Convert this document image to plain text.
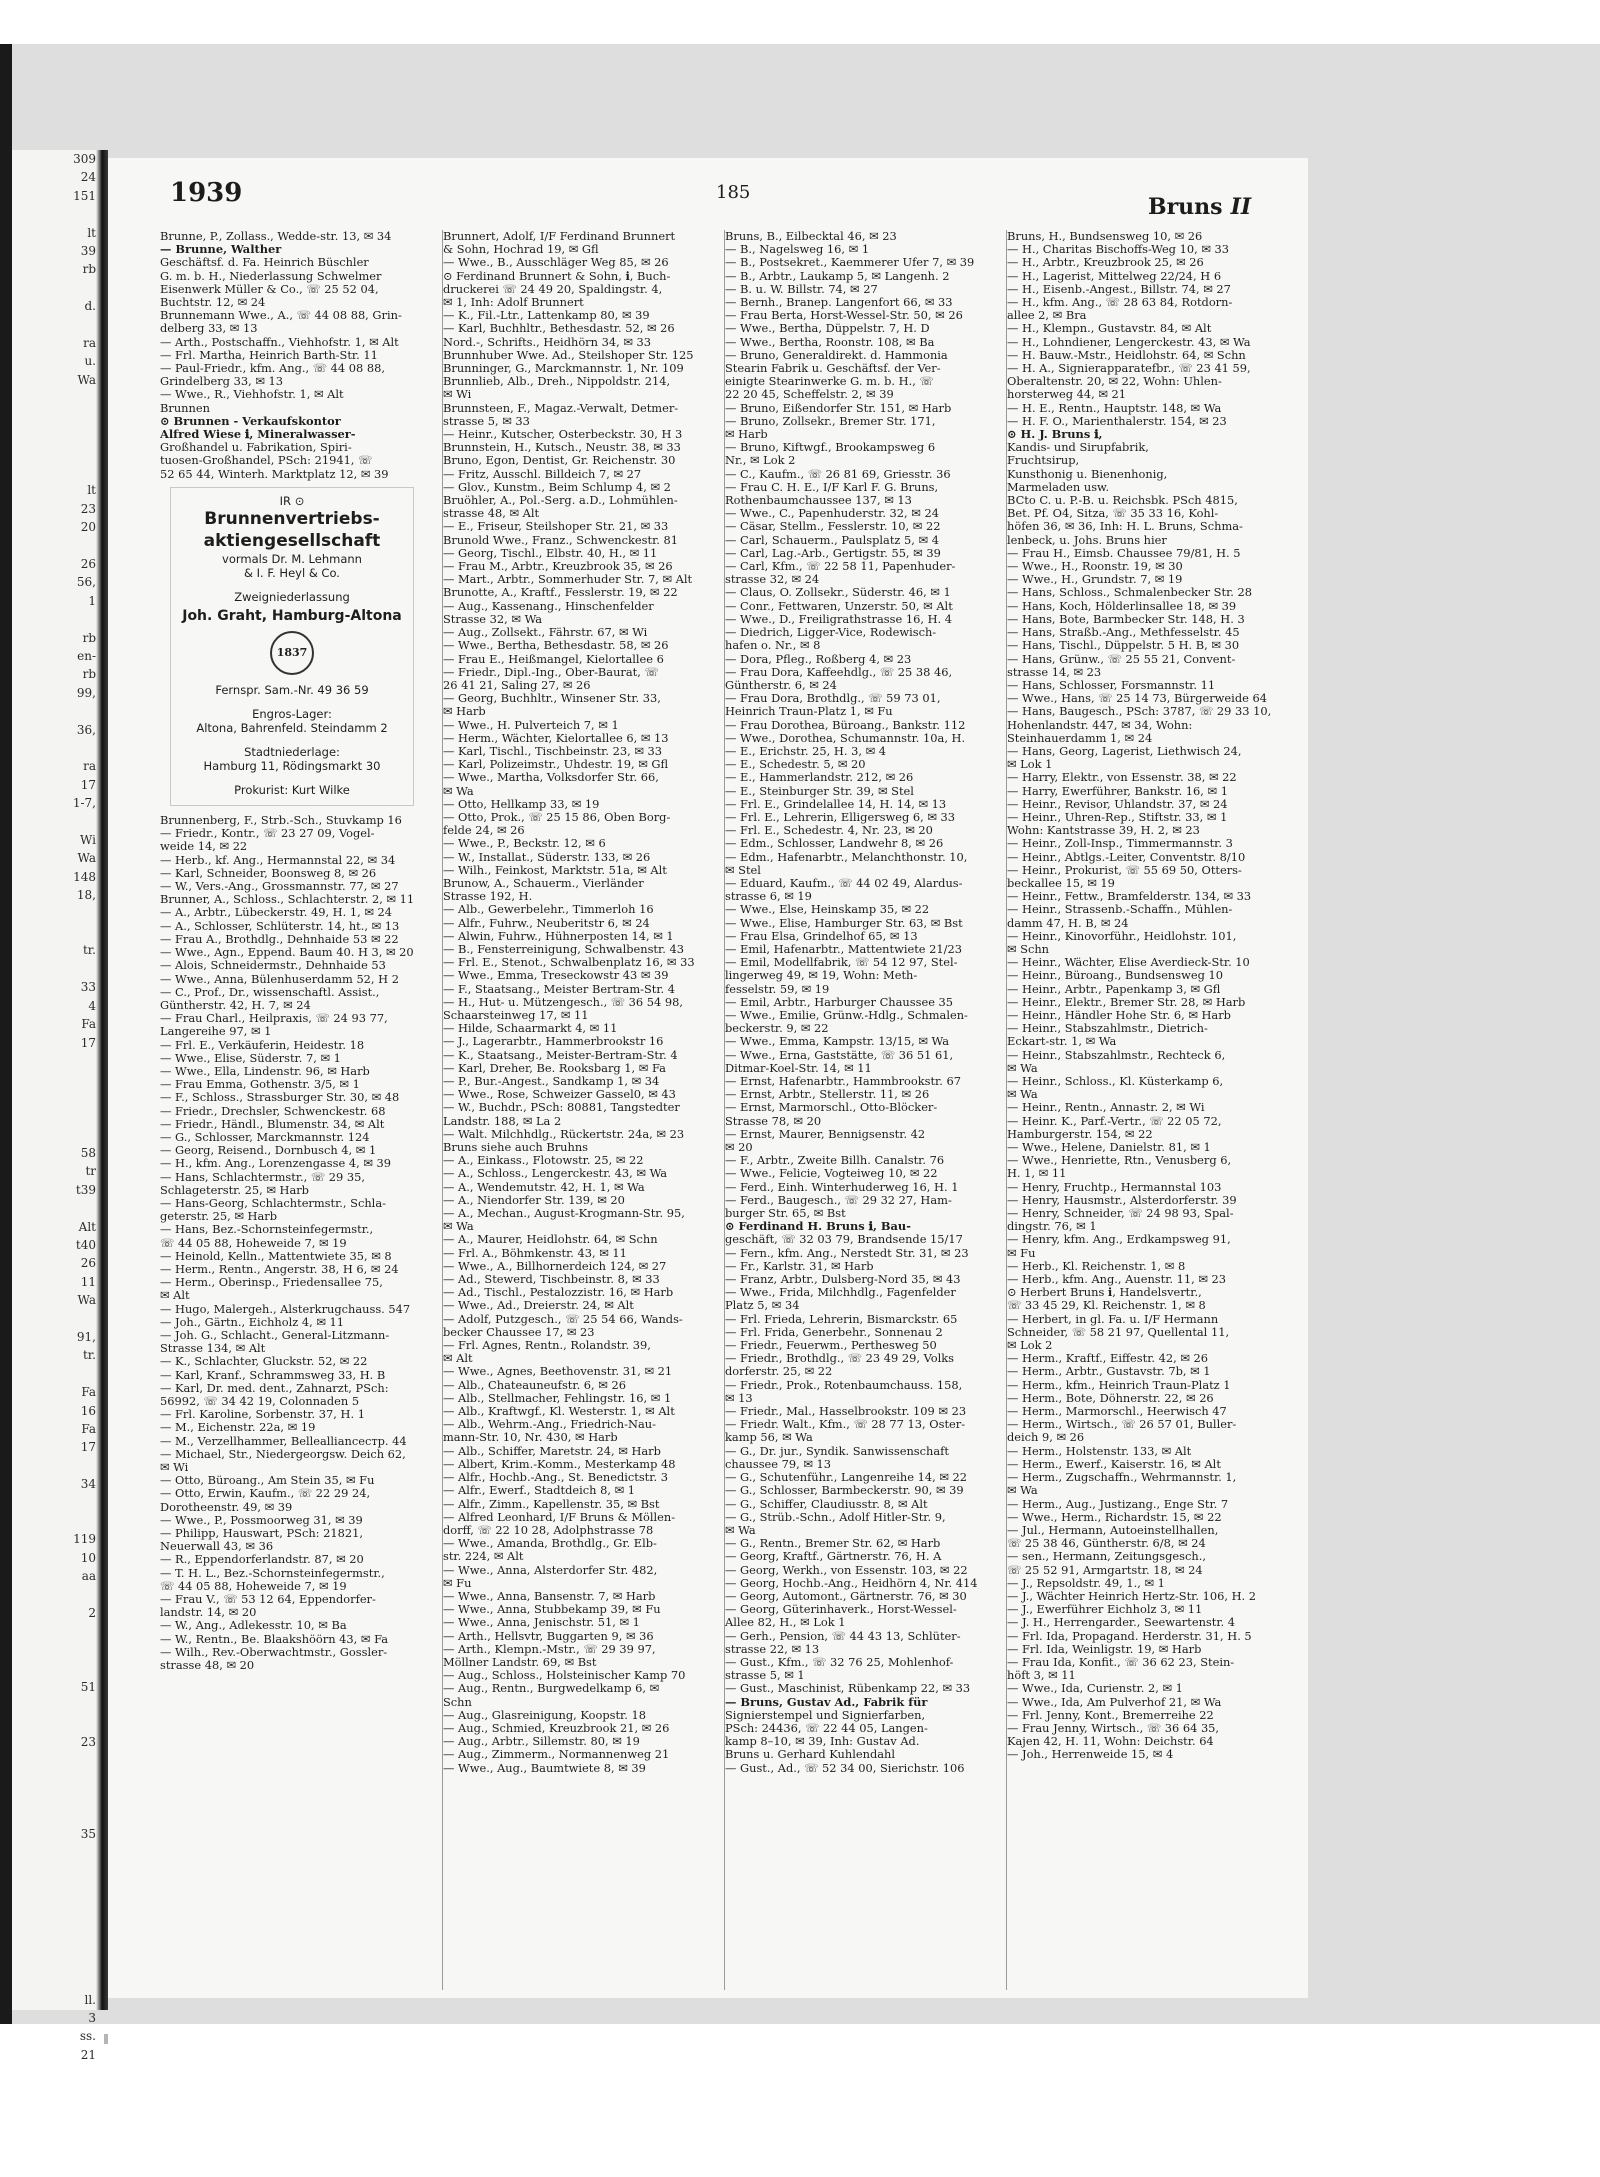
309
24
151

lt
39
rb

d.

ra
u.
Wa

lt
23
20

26
56,
1

rb
en-
rb
99,

36,

ra
17
1-7,

Wi
Wa
148
18,

tr.

33
4
Fa
17

58
tr
t39

Alt
t40
26
11
Wa

91,
tr.

Fa
16
Fa
17

34

119
10
aa

2

51

23

35

ll.
3
ss.
21
1939	185
Bruns II
Brunne, P., Zollass., Wedde-str. 13, ✉ 34
— Brunne, Walther
Geschäftsf. d. Fa. Heinrich Büschler
G. m. b. H., Niederlassung Schwelmer
Eisenwerk Müller & Co., ☏ 25 52 04,
Buchtstr. 12, ✉ 24
Brunnemann Wwe., A., ☏ 44 08 88, Grin-
delberg 33, ✉ 13
— Arth., Postschaffn., Viehhofstr. 1, ✉ Alt
— Frl. Martha, Heinrich Barth-Str. 11
— Paul-Friedr., kfm. Ang., ☏ 44 08 88,
Grindelberg 33, ✉ 13
— Wwe., R., Viehhofstr. 1, ✉ Alt
Brunnen
⊙ Brunnen - Verkaufskontor
Alfred Wiese ℹ, Mineralwasser-
Großhandel u. Fabrikation, Spiri-
tuosen-Großhandel, PSch: 21941, ☏
52 65 44, Winterh. Marktplatz 12, ✉ 39
IR ⊙
Brunnenvertriebs-
aktiengesellschaft
vormals Dr. M. Lehmann
& I. F. Heyl & Co.
Zweigniederlassung
Joh. Graht, Hamburg-Altona
1837
Fernspr. Sam.-Nr. 49 36 59
Engros-Lager:
Altona, Bahrenfeld. Steindamm 2
Stadtniederlage:
Hamburg 11, Rödingsmarkt 30
Prokurist: Kurt Wilke
Brunnenberg, F., Strb.-Sch., Stuvkamp 16
— Friedr., Kontr., ☏ 23 27 09, Vogel-
weide 14, ✉ 22
— Herb., kf. Ang., Hermannstal 22, ✉ 34
— Karl, Schneider, Boonsweg 8, ✉ 26
— W., Vers.-Ang., Grossmannstr. 77, ✉ 27
Brunner, A., Schloss., Schlachterstr. 2, ✉ 11
— A., Arbtr., Lübeckerstr. 49, H. 1, ✉ 24
— A., Schlosser, Schlüterstr. 14, ht., ✉ 13
— Frau A., Brothdlg., Dehnhaide 53 ✉ 22
— Wwe., Agn., Eppend. Baum 40. H 3, ✉ 20
— Alois, Schneidermstr., Dehnhaide 53
— Wwe., Anna, Bülenhuserdamm 52, H 2
— C., Prof., Dr., wissenschaftl. Assist.,
Güntherstr. 42, H. 7, ✉ 24
— Frau Charl., Heilpraxis, ☏ 24 93 77,
Langereihe 97, ✉ 1
— Frl. E., Verkäuferin, Heidestr. 18
— Wwe., Elise, Süderstr. 7, ✉ 1
— Wwe., Ella, Lindenstr. 96, ✉ Harb
— Frau Emma, Gothenstr. 3/5, ✉ 1
— F., Schloss., Strassburger Str. 30, ✉ 48
— Friedr., Drechsler, Schwenckestr. 68
— Friedr., Händl., Blumenstr. 34, ✉ Alt
— G., Schlosser, Marckmannstr. 124
— Georg, Reisend., Dornbusch 4, ✉ 1
— H., kfm. Ang., Lorenzengasse 4, ✉ 39
— Hans, Schlachtermstr., ☏ 29 35,
Schlageterstr. 25, ✉ Harb
— Hans-Georg, Schlachtermstr., Schla-
geterstr. 25, ✉ Harb
— Hans, Bez.-Schornsteinfegermstr.,
☏ 44 05 88, Hoheweide 7, ✉ 19
— Heinold, Kelln., Mattentwiete 35, ✉ 8
— Herm., Rentn., Angerstr. 38, H 6, ✉ 24
— Herm., Oberinsp., Friedensallee 75,
✉ Alt
— Hugo, Malergeh., Alsterkrugchauss. 547
— Joh., Gärtn., Eichholz 4, ✉ 11
— Joh. G., Schlacht., General-Litzmann-
Strasse 134, ✉ Alt
— K., Schlachter, Gluckstr. 52, ✉ 22
— Karl, Kranf., Schrammsweg 33, H. B
— Karl, Dr. med. dent., Zahnarzt, PSch:
56992, ☏ 34 42 19, Colonnaden 5
— Frl. Karoline, Sorbenstr. 37, H. 1
— M., Eichenstr. 22a, ✉ 19
— M., Verzellhammer, Belleallianceстр. 44
— Michael, Str., Niedergeorgsw. Deich 62,
✉ Wi
— Otto, Büroang., Am Stein 35, ✉ Fu
— Otto, Erwin, Kaufm., ☏ 22 29 24,
Dorotheenstr. 49, ✉ 39
— Wwe., P., Possmoorweg 31, ✉ 39
— Philipp, Hauswart, PSch: 21821,
Neuerwall 43, ✉ 36
— R., Eppendorferlandstr. 87, ✉ 20
— T. H. L., Bez.-Schornsteinfegermstr.,
☏ 44 05 88, Hoheweide 7, ✉ 19
— Frau V., ☏ 53 12 64, Eppendorfer-
landstr. 14, ✉ 20
— W., Ang., Adlekesstr. 10, ✉ Ba
— W., Rentn., Be. Blaakshöörn 43, ✉ Fa
— Wilh., Rev.-Oberwachtmstr., Gossler-
strasse 48, ✉ 20
Brunnert, Adolf, I/F Ferdinand Brunnert
& Sohn, Hochrad 19, ✉ Gfl
— Wwe., B., Ausschläger Weg 85, ✉ 26
⊙ Ferdinand Brunnert & Sohn, ℹ, Buch-
druckerei ☏ 24 49 20, Spaldingstr. 4,
✉ 1, Inh: Adolf Brunnert
— K., Fil.-Ltr., Lattenkamp 80, ✉ 39
— Karl, Buchhltr., Bethesdastr. 52, ✉ 26
Nord.-, Schrifts., Heidhörn 34, ✉ 33
Brunnhuber Wwe. Ad., Steilshoper Str. 125
Brunninger, G., Marckmannstr. 1, Nr. 109
Brunnlieb, Alb., Dreh., Nippoldstr. 214,
✉ Wi
Brunnsteen, F., Magaz.-Verwalt, Detmer-
strasse 5, ✉ 33
— Heinr., Kutscher, Osterbeckstr. 30, H 3
Brunnstein, H., Kutsch., Neustr. 38, ✉ 33
Bruno, Egon, Dentist, Gr. Reichenstr. 30
— Fritz, Ausschl. Billdeich 7, ✉ 27
— Glov., Kunstm., Beim Schlump 4, ✉ 2
Bruöhler, A., Pol.-Serg. a.D., Lohmühlen-
strasse 48, ✉ Alt
— E., Friseur, Steilshoper Str. 21, ✉ 33
Brunold Wwe., Franz., Schwenckestr. 81
— Georg, Tischl., Elbstr. 40, H., ✉ 11
— Frau M., Arbtr., Kreuzbrook 35, ✉ 26
— Mart., Arbtr., Sommerhuder Str. 7, ✉ Alt
Brunotte, A., Kraftf., Fesslerstr. 19, ✉ 22
— Aug., Kassenang., Hinschenfelder
Strasse 32, ✉ Wa
— Aug., Zollsekt., Fährstr. 67, ✉ Wi
— Wwe., Bertha, Bethesdastr. 58, ✉ 26
— Frau E., Heißmangel, Kielortallee 6
— Friedr., Dipl.-Ing., Ober-Baurat, ☏
26 41 21, Saling 27, ✉ 26
— Georg, Buchhltr., Winsener Str. 33,
✉ Harb
— Wwe., H. Pulverteich 7, ✉ 1
— Herm., Wächter, Kielortallee 6, ✉ 13
— Karl, Tischl., Tischbeinstr. 23, ✉ 33
— Karl, Polizeimstr., Uhdestr. 19, ✉ Gfl
— Wwe., Martha, Volksdorfer Str. 66,
✉ Wa
— Otto, Hellkamp 33, ✉ 19
— Otto, Prok., ☏ 25 15 86, Oben Borg-
felde 24, ✉ 26
— Wwe., P., Beckstr. 12, ✉ 6
— W., Installat., Süderstr. 133, ✉ 26
— Wilh., Feinkost, Marktstr. 51a, ✉ Alt
Brunow, A., Schauerm., Vierländer
Strasse 192, H.
— Alb., Gewerbelehr., Timmerloh 16
— Alfr., Fuhrw., Neuberitstr 6, ✉ 24
— Alwin, Fuhrw., Hühnerposten 14, ✉ 1
— B., Fensterreinigung, Schwalbenstr. 43
— Frl. E., Stenot., Schwalbenplatz 16, ✉ 33
— Wwe., Emma, Treseckowstr 43 ✉ 39
— F., Staatsang., Meister Bertram-Str. 4
— H., Hut- u. Mützengesch., ☏ 36 54 98,
Schaarsteinweg 17, ✉ 11
— Hilde, Schaarmarkt 4, ✉ 11
— J., Lagerarbtr., Hammerbrookstr 16
— K., Staatsang., Meister-Bertram-Str. 4
— Karl, Dreher, Be. Rooksbarg 1, ✉ Fa
— P., Bur.-Angest., Sandkamp 1, ✉ 34
— Wwe., Rose, Schweizer Gassel0, ✉ 43
— W., Buchdr., PSch: 80881, Tangstedter
Landstr. 188, ✉ La 2
— Walt. Milchhdlg., Rückertstr. 24a, ✉ 23
Bruns siehe auch Bruhns
— A., Einkass., Flotowstr. 25, ✉ 22
— A., Schloss., Lengerckestr. 43, ✉ Wa
— A., Wendemutstr. 42, H. 1, ✉ Wa
— A., Niendorfer Str. 139, ✉ 20
— A., Mechan., August-Krogmann-Str. 95,
✉ Wa
— A., Maurer, Heidlohstr. 64, ✉ Schn
— Frl. A., Böhmkenstr. 43, ✉ 11
— Wwe., A., Billhornerdeich 124, ✉ 27
— Ad., Stewerd, Tischbeinstr. 8, ✉ 33
— Ad., Tischl., Pestalozzistr. 16, ✉ Harb
— Wwe., Ad., Dreierstr. 24, ✉ Alt
— Adolf, Putzgesch., ☏ 25 54 66, Wands-
becker Chaussee 17, ✉ 23
— Frl. Agnes, Rentn., Rolandstr. 39,
✉ Alt
— Wwe., Agnes, Beethovenstr. 31, ✉ 21
— Alb., Chateauneufstr. 6, ✉ 26
— Alb., Stellmacher, Fehlingstr. 16, ✉ 1
— Alb., Kraftwgf., Kl. Westerstr. 1, ✉ Alt
— Alb., Wehrm.-Ang., Friedrich-Nau-
mann-Str. 10, Nr. 430, ✉ Harb
— Alb., Schiffer, Maretstr. 24, ✉ Harb
— Albert, Krim.-Komm., Mesterkamp 48
— Alfr., Hochb.-Ang., St. Benedictstr. 3
— Alfr., Ewerf., Stadtdeich 8, ✉ 1
— Alfr., Zimm., Kapellenstr. 35, ✉ Bst
— Alfred Leonhard, I/F Bruns & Möllen-
dorff, ☏ 22 10 28, Adolphstrasse 78
— Wwe., Amanda, Brothdlg., Gr. Elb-
str. 224, ✉ Alt
— Wwe., Anna, Alsterdorfer Str. 482,
✉ Fu
— Wwe., Anna, Bansenstr. 7, ✉ Harb
— Wwe., Anna, Stubbekamp 39, ✉ Fu
— Wwe., Anna, Jenischstr. 51, ✉ 1
— Arth., Hellsvtr, Buggarten 9, ✉ 36
— Arth., Klempn.-Mstr., ☏ 29 39 97,
Möllner Landstr. 69, ✉ Bst
— Aug., Schloss., Holsteinischer Kamp 70
— Aug., Rentn., Burgwedelkamp 6, ✉
Schn
— Aug., Glasreinigung, Koopstr. 18
— Aug., Schmied, Kreuzbrook 21, ✉ 26
— Aug., Arbtr., Sillemstr. 80, ✉ 19
— Aug., Zimmerm., Normannenweg 21
— Wwe., Aug., Baumtwiete 8, ✉ 39
Bruns, B., Eilbecktal 46, ✉ 23
— B., Nagelsweg 16, ✉ 1
— B., Postsekret., Kaemmerer Ufer 7, ✉ 39
— B., Arbtr., Laukamp 5, ✉ Langenh. 2
— B. u. W. Billstr. 74, ✉ 27
— Bernh., Branер. Langenfort 66, ✉ 33
— Frau Berta, Horst-Wessel-Str. 50, ✉ 26
— Wwe., Bertha, Düppelstr. 7, H. D
— Wwe., Bertha, Roonstr. 108, ✉ Ba
— Bruno, Generaldirekt. d. Hammonia
Stearin Fabrik u. Geschäftsf. der Ver-
einigte Stearinwerke G. m. b. H., ☏
22 20 45, Scheffelstr. 2, ✉ 39
— Bruno, Eißendorfer Str. 151, ✉ Harb
— Bruno, Zollsekr., Bremer Str. 171,
✉ Harb
— Bruno, Kiftwgf., Brookampsweg 6
Nr., ✉ Lok 2
— C., Kaufm., ☏ 26 81 69, Griesstr. 36
— Frau C. H. E., I/F Karl F. G. Bruns,
Rothenbaumchaussee 137, ✉ 13
— Wwe., C., Papenhuderstr. 32, ✉ 24
— Cäsar, Stellm., Fesslerstr. 10, ✉ 22
— Carl, Schauerm., Paulsplatz 5, ✉ 4
— Carl, Lag.-Arb., Gertigstr. 55, ✉ 39
— Carl, Kfm., ☏ 22 58 11, Papenhuder-
strasse 32, ✉ 24
— Claus, O. Zollsekr., Süderstr. 46, ✉ 1
— Conr., Fettwaren, Unzerstr. 50, ✉ Alt
— Wwe., D., Freiligrathstrasse 16, H. 4
— Diedrich, Ligger-Vice, Rodewisch-
hafen o. Nr., ✉ 8
— Dora, Pfleg., Roßberg 4, ✉ 23
— Frau Dora, Kaffeehdlg., ☏ 25 38 46,
Güntherstr. 6, ✉ 24
— Frau Dora, Brothdlg., ☏ 59 73 01,
Heinrich Traun-Platz 1, ✉ Fu
— Frau Dorothea, Büroang., Bankstr. 112
— Wwe., Dorothea, Schumannstr. 10a, H.
— E., Erichstr. 25, H. 3, ✉ 4
— E., Schedestr. 5, ✉ 20
— E., Hammerlandstr. 212, ✉ 26
— E., Steinburger Str. 39, ✉ Stel
— Frl. E., Grindelallee 14, H. 14, ✉ 13
— Frl. E., Lehrerin, Elligersweg 6, ✉ 33
— Frl. E., Schedestr. 4, Nr. 23, ✉ 20
— Edm., Schlosser, Landwehr 8, ✉ 26
— Edm., Hafenarbtr., Melanchthonstr. 10,
✉ Stel
— Eduard, Kaufm., ☏ 44 02 49, Alardus-
strasse 6, ✉ 19
— Wwe., Else, Heinskamp 35, ✉ 22
— Wwe., Elise, Hamburger Str. 63, ✉ Bst
— Frau Elsa, Grindelhof 65, ✉ 13
— Emil, Hafenarbtr., Mattentwiete 21/23
— Emil, Modellfabrik, ☏ 54 12 97, Stel-
lingerweg 49, ✉ 19, Wohn: Meth-
fesselstr. 59, ✉ 19
— Emil, Arbtr., Harburger Chaussee 35
— Wwe., Emilie, Grünw.-Hdlg., Schmalen-
beckerstr. 9, ✉ 22
— Wwe., Emma, Kampstr. 13/15, ✉ Wa
— Wwe., Erna, Gaststätte, ☏ 36 51 61,
Ditmar-Koel-Str. 14, ✉ 11
— Ernst, Hafenarbtr., Hammbrookstr. 67
— Ernst, Arbtr., Stellerstr. 11, ✉ 26
— Ernst, Marmorschl., Otto-Blöcker-
Strasse 78, ✉ 20
— Ernst, Maurer, Bennigsenstr. 42
✉ 20
— F., Arbtr., Zweite Billh. Canalstr. 76
— Wwe., Felicie, Vogteiweg 10, ✉ 22
— Ferd., Einh. Winterhuderweg 16, H. 1
— Ferd., Baugesch., ☏ 29 32 27, Ham-
burger Str. 65, ✉ Bst
⊙ Ferdinand H. Bruns ℹ, Bau-
geschäft, ☏ 32 03 79, Brandsende 15/17
— Fern., kfm. Ang., Nerstedt Str. 31, ✉ 23
— Fr., Karlstr. 31, ✉ Harb
— Franz, Arbtr., Dulsberg-Nord 35, ✉ 43
— Wwe., Frida, Milchhdlg., Fagenfelder
Platz 5, ✉ 34
— Frl. Frieda, Lehrerin, Bismarckstr. 65
— Frl. Frida, Generbehr., Sonnenau 2
— Friedr., Feuerwm., Perthesweg 50
— Friedr., Brothdlg., ☏ 23 49 29, Volks
dorferstr. 25, ✉ 22
— Friedr., Prok., Rotenbaumchauss. 158,
✉ 13
— Friedr., Mal., Hasselbrookstr. 109 ✉ 23
— Friedr. Walt., Kfm., ☏ 28 77 13, Oster-
kamp 56, ✉ Wa
— G., Dr. jur., Syndik. Sanwissenschaft
chaussee 79, ✉ 13
— G., Schutenführ., Langenreihe 14, ✉ 22
— G., Schlosser, Barmbeckerstr. 90, ✉ 39
— G., Schiffer, Claudiusstr. 8, ✉ Alt
— G., Strüb.-Schn., Adolf Hitler-Str. 9,
✉ Wa
— G., Rentn., Bremer Str. 62, ✉ Harb
— Georg, Kraftf., Gärtnerstr. 76, H. A
— Georg, Werkh., von Essenstr. 103, ✉ 22
— Georg, Hochb.-Ang., Heidhörn 4, Nr. 414
— Georg, Automont., Gärtnerstr. 76, ✉ 30
— Georg, Güterinhaverk., Horst-Wessel-
Allee 82, H., ✉ Lok 1
— Gerh., Pension, ☏ 44 43 13, Schlüter-
strasse 22, ✉ 13
— Gust., Kfm., ☏ 32 76 25, Mohlenhof-
strasse 5, ✉ 1
— Gust., Maschinist, Rübenkamp 22, ✉ 33
— Bruns, Gustav Ad., Fabrik für
Signierstempel und Signierfarben,
PSch: 24436, ☏ 22 44 05, Langen-
kamp 8–10, ✉ 39, Inh: Gustav Ad.
Bruns u. Gerhard Kuhlendahl
— Gust., Ad., ☏ 52 34 00, Sierichstr. 106
Bruns, H., Bundsensweg 10, ✉ 26
— H., Charitas Bischoffs-Weg 10, ✉ 33
— H., Arbtr., Kreuzbrook 25, ✉ 26
— H., Lagerist, Mittelweg 22/24, H 6
— H., Eisenb.-Angest., Billstr. 74, ✉ 27
— H., kfm. Ang., ☏ 28 63 84, Rotdorn-
allee 2, ✉ Bra
— H., Klempn., Gustavstr. 84, ✉ Alt
— H., Lohndiener, Lengerckestr. 43, ✉ Wa
— H. Bauw.-Mstr., Heidlohstr. 64, ✉ Schn
— H. A., Signierapparatefbr., ☏ 23 41 59,
Oberaltenstr. 20, ✉ 22, Wohn: Uhlen-
horsterweg 44, ✉ 21
— H. E., Rentn., Hauptstr. 148, ✉ Wa
— H. F. O., Marienthalerstr. 154, ✉ 23
⊙ H. J. Bruns ℹ,
Kandis- und Sirupfabrik,
Fruchtsirup,
Kunsthonig u. Bienenhonig,
Marmeladen usw.
BCto C. u. P.-B. u. Reichsbk. PSch 4815,
Bet. Pf. O4, Sitza, ☏ 35 33 16, Kohl-
höfen 36, ✉ 36, Inh: H. L. Bruns, Schma-
lenbeck, u. Johs. Bruns hier
— Frau H., Eimsb. Chaussee 79/81, H. 5
— Wwe., H., Roonstr. 19, ✉ 30
— Wwe., H., Grundstr. 7, ✉ 19
— Hans, Schloss., Schmalenbecker Str. 28
— Hans, Koch, Hölderlinsallee 18, ✉ 39
— Hans, Bote, Barmbecker Str. 148, H. 3
— Hans, Straßb.-Ang., Methfesselstr. 45
— Hans, Tischl., Düppelstr. 5 H. B, ✉ 30
— Hans, Grünw., ☏ 25 55 21, Convent-
strasse 14, ✉ 23
— Hans, Schlosser, Forsmannstr. 11
— Wwe., Hans, ☏ 25 14 73, Bürgerweide 64
— Hans, Baugesch., PSch: 3787, ☏ 29 33 10,
Hohenlandstr. 447, ✉ 34, Wohn:
Steinhauerdamm 1, ✉ 24
— Hans, Georg, Lagerist, Liethwisch 24,
✉ Lok 1
— Harry, Elektr., von Essenstr. 38, ✉ 22
— Harry, Ewerführer, Bankstr. 16, ✉ 1
— Heinr., Revisor, Uhlandstr. 37, ✉ 24
— Heinr., Uhren-Rep., Stiftstr. 33, ✉ 1
Wohn: Kantstrasse 39, H. 2, ✉ 23
— Heinr., Zoll-Insp., Timmermannstr. 3
— Heinr., Abtlgs.-Leiter, Conventstr. 8/10
— Heinr., Prokurist, ☏ 55 69 50, Otters-
beckallee 15, ✉ 19
— Heinr., Fettw., Bramfelderstr. 134, ✉ 33
— Heinr., Strassenb.-Schaffn., Mühlen-
damm 47, H. B, ✉ 24
— Heinr., Kinovorführ., Heidlohstr. 101,
✉ Schn
— Heinr., Wächter, Elise Averdieck-Str. 10
— Heinr., Büroang., Bundsensweg 10
— Heinr., Arbtr., Papenkamp 3, ✉ Gfl
— Heinr., Elektr., Bremer Str. 28, ✉ Harb
— Heinr., Händler Hohe Str. 6, ✉ Harb
— Heinr., Stabszahlmstr., Dietrich-
Eckart-str. 1, ✉ Wa
— Heinr., Stabszahlmstr., Rechteck 6,
✉ Wa
— Heinr., Schloss., Kl. Küsterkamp 6,
✉ Wa
— Heinr., Rentn., Annastr. 2, ✉ Wi
— Heinr. K., Parf.-Vertr., ☏ 22 05 72,
Hamburgerstr. 154, ✉ 22
— Wwe., Helene, Danielstr. 81, ✉ 1
— Wwe., Henriette, Rtn., Venusberg 6,
H. 1, ✉ 11
— Henry, Fruchtp., Hermannstal 103
— Henry, Hausmstr., Alsterdorferstr. 39
— Henry, Schneider, ☏ 24 98 93, Spal-
dingstr. 76, ✉ 1
— Henry, kfm. Ang., Erdkampsweg 91,
✉ Fu
— Herb., Kl. Reichenstr. 1, ✉ 8
— Herb., kfm. Ang., Auenstr. 11, ✉ 23
⊙ Herbert Bruns ℹ, Handelsvertr.,
☏ 33 45 29, Kl. Reichenstr. 1, ✉ 8
— Herbert, in gl. Fa. u. I/F Hermann
Schneider, ☏ 58 21 97, Quellental 11,
✉ Lok 2
— Herm., Kraftf., Eiffestr. 42, ✉ 26
— Herm., Arbtr., Gustavstr. 7b, ✉ 1
— Herm., kfm., Heinrich Traun-Platz 1
— Herm., Bote, Döhnerstr. 22, ✉ 26
— Herm., Marmorschl., Heerwisch 47
— Herm., Wirtsch., ☏ 26 57 01, Buller-
deich 9, ✉ 26
— Herm., Holstenstr. 133, ✉ Alt
— Herm., Ewerf., Kaiserstr. 16, ✉ Alt
— Herm., Zugschaffn., Wehrmannstr. 1,
✉ Wa
— Herm., Aug., Justizang., Enge Str. 7
— Wwe., Herm., Richardstr. 15, ✉ 22
— Jul., Hermann, Autoeinstellhallen,
☏ 25 38 46, Güntherstr. 6/8, ✉ 24
— sen., Hermann, Zeitungsgesch.,
☏ 25 52 91, Armgartstr. 18, ✉ 24
— J., Repsoldstr. 49, 1., ✉ 1
— J., Wächter Heinrich Hertz-Str. 106, H. 2
— J., Ewerführer Eichholz 3, ✉ 11
— J. H., Herrengarder., Seewartenstr. 4
— Frl. Ida, Propagand. Herderstr. 31, H. 5
— Frl. Ida, Weinligstr. 19, ✉ Harb
— Frau Ida, Konfit., ☏ 36 62 23, Stein-
höft 3, ✉ 11
— Wwe., Ida, Curienstr. 2, ✉ 1
— Wwe., Ida, Am Pulverhof 21, ✉ Wa
— Frl. Jenny, Kont., Bremerreihe 22
— Frau Jenny, Wirtsch., ☏ 36 64 35,
Kajen 42, H. 11, Wohn: Deichstr. 64
— Joh., Herrenweide 15, ✉ 4
